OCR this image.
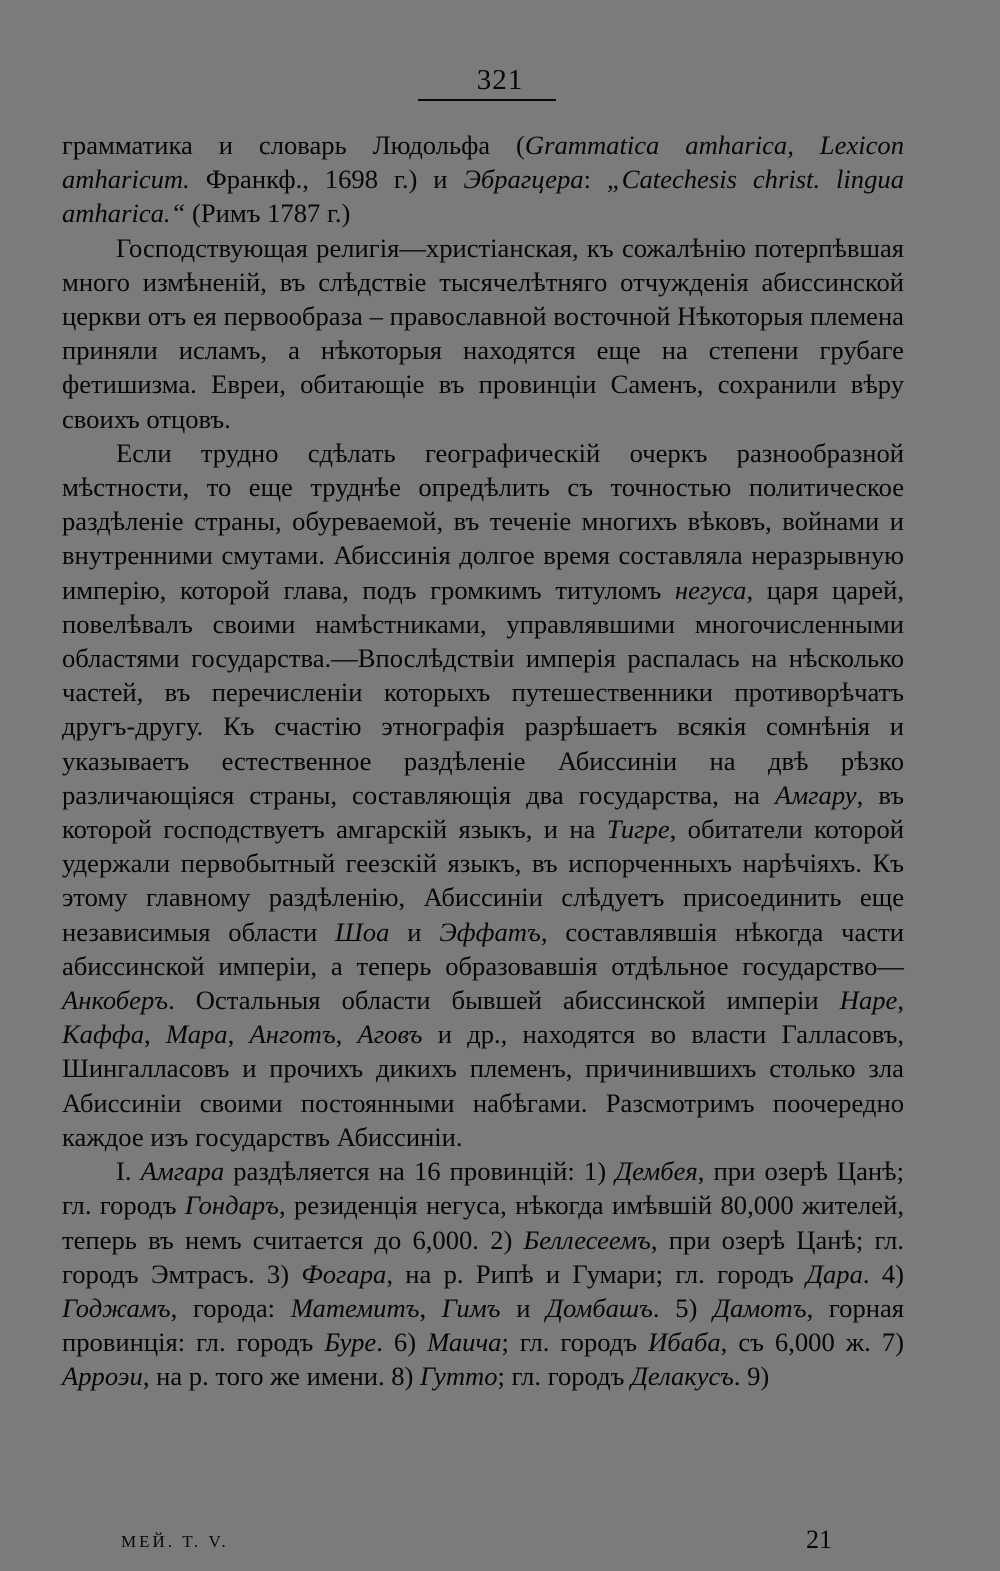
321

грамматика и словарь Людольфа (Grammatica amharica, Lexicon amharicum. Франкф., 1698 г.) и Эбрагцера: „Catechesis christ. lingua amharica.“ (Римъ 1787 г.)

Господствующая религія—христіанская, къ сожалѣнію потерпѣвшая много измѣненій, въ слѣдствіе тысячелѣтняго отчужденія абиссинской церкви отъ ея первообраза – православной восточной Нѣкоторыя племена приняли исламъ, а нѣкоторыя находятся еще на степени грубаге фетишизма. Евреи, обитающіе въ провинціи Саменъ, сохранили вѣру своихъ отцовъ.

Если трудно сдѣлать географическій очеркъ разнообразной мѣстности, то еще труднѣе опредѣлить съ точностью политическое раздѣленіе страны, обуреваемой, въ теченіе многихъ вѣковъ, войнами и внутренними смутами. Абиссинія долгое время составляла неразрывную имперію, которой глава, подъ громкимъ титуломъ негуса, царя царей, повелѣвалъ своими намѣстниками, управлявшими многочисленными областями государства.—Впослѣдствіи имперія распалась на нѣсколько частей, въ перечисленіи которыхъ путешественники противорѣчатъ другъ-другу. Къ счастію этнографія разрѣшаетъ всякія сомнѣнія и указываетъ естественное раздѣленіе Абиссиніи на двѣ рѣзко различающіяся страны, составляющія два государства, на Амгару, въ которой господствуетъ амгарскій языкъ, и на Тигре, обитатели которой удержали первобытный геезскій языкъ, въ испорченныхъ нарѣчіяхъ. Къ этому главному раздѣленію, Абиссиніи слѣдуетъ присоединить еще независимыя области Шоа и Эффатъ, составлявшія нѣкогда части абиссинской имперіи, а теперь образовавшія отдѣльное государство—Анкоберъ. Остальныя области бывшей абиссинской имперіи Наре, Каффа, Мара, Анготъ, Аговъ и др., находятся во власти Галласовъ, Шингалласовъ и прочихъ дикихъ племенъ, причинившихъ столько зла Абиссиніи своими постоянными набѣгами. Разсмотримъ поочередно каждое изъ государствъ Абиссиніи.

I. Амгара раздѣляется на 16 провинцій: 1) Дембея, при озерѣ Цанѣ; гл. городъ Гондаръ, резиденція негуса, нѣкогда имѣвшій 80,000 жителей, теперь въ немъ считается до 6,000. 2) Беллесеемъ, при озерѣ Цанѣ; гл. городъ Эмтрасъ. 3) Фогара, на р. Рипѣ и Гумари; гл. городъ Дара. 4) Годжамъ, города: Матемитъ, Гимъ и Домбашъ. 5) Дамотъ, горная провинція: гл. городъ Буре. 6) Маича; гл. городъ Ибаба, съ 6,000 ж. 7) Арроэи, на р. того же имени. 8) Гутто; гл. городъ Делакусъ. 9)

МЕЙ. Т. V.	21
